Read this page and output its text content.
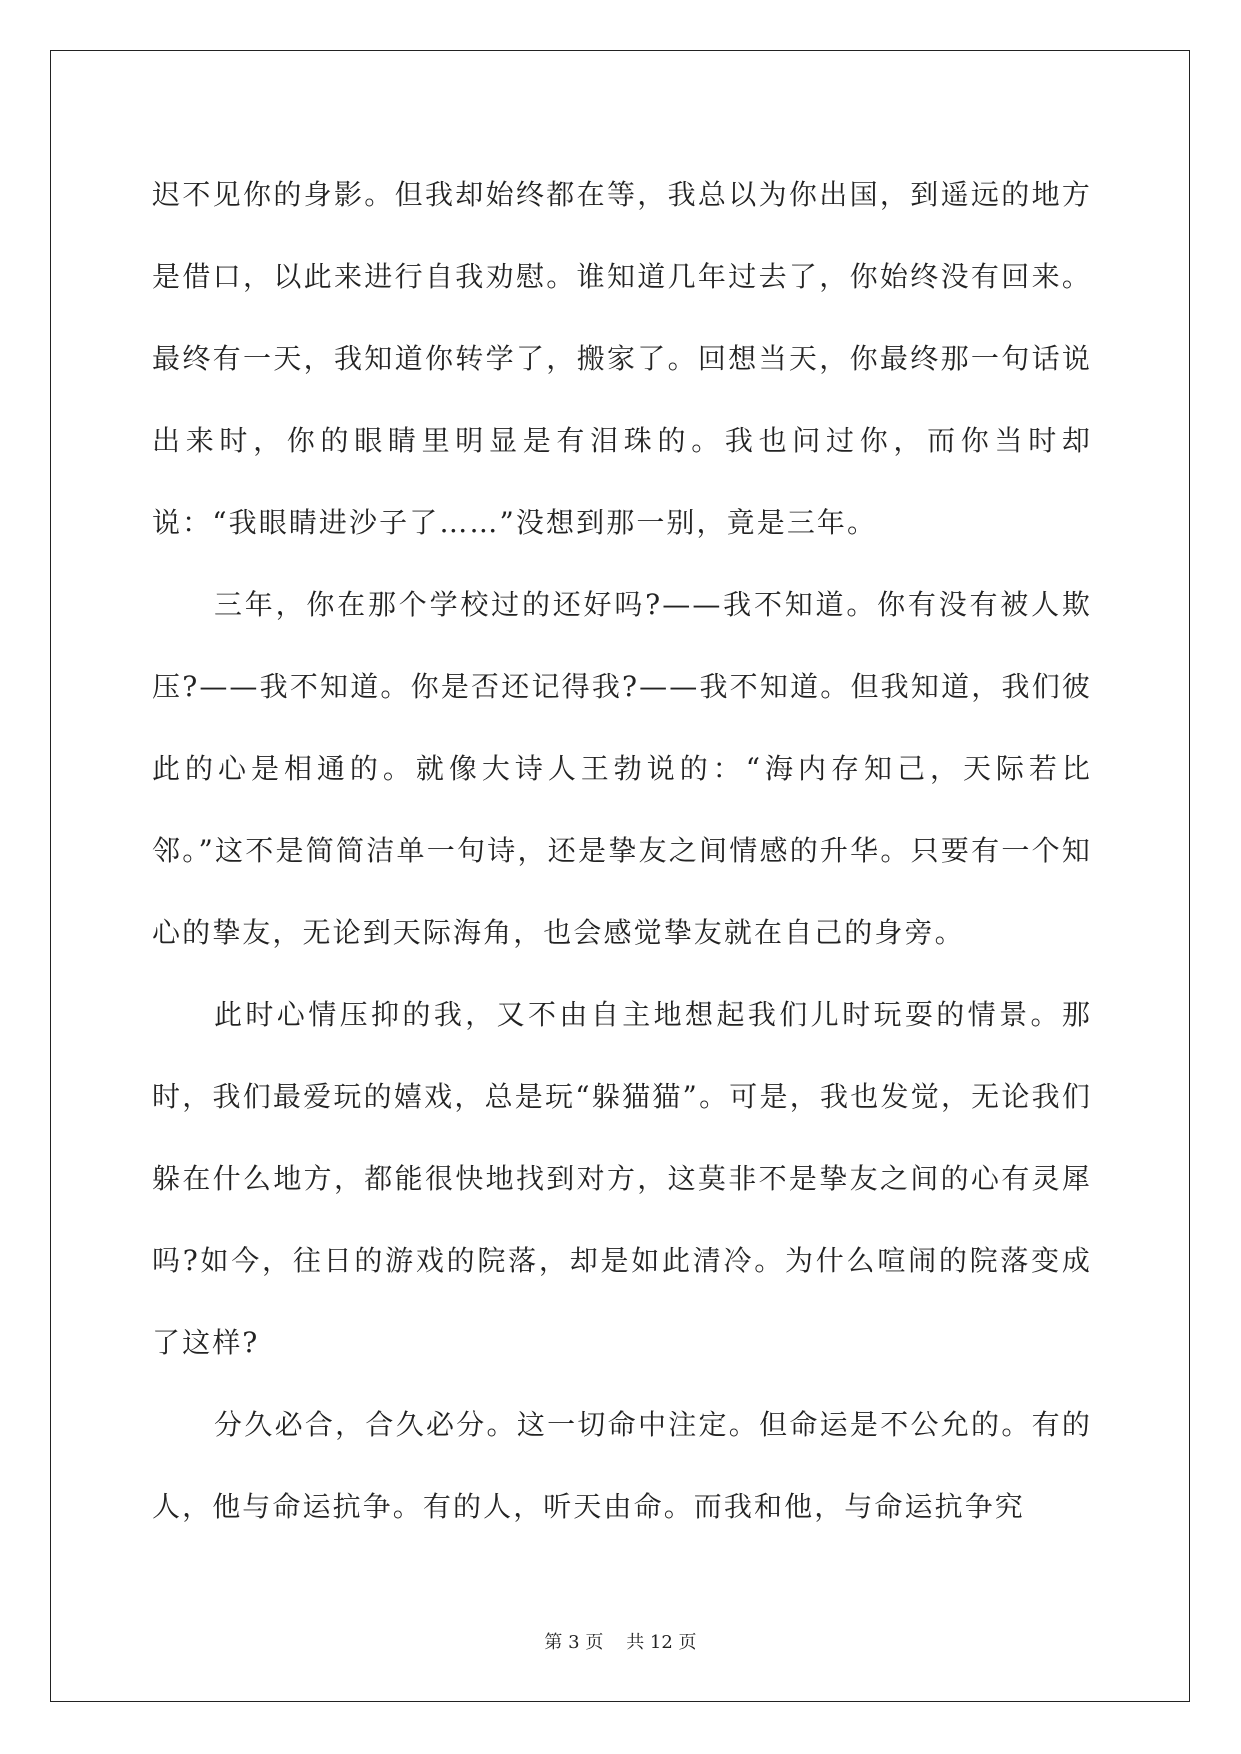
迟不见你的身影。但我却始终都在等，我总以为你出国，到遥远的地方是借口，以此来进行自我劝慰。谁知道几年过去了，你始终没有回来。最终有一天，我知道你转学了，搬家了。回想当天，你最终那一句话说出来时，你的眼睛里明显是有泪珠的。我也问过你，而你当时却说：“我眼睛进沙子了……”没想到那一别，竟是三年。

三年，你在那个学校过的还好吗?——我不知道。你有没有被人欺压?——我不知道。你是否还记得我?——我不知道。但我知道，我们彼此的心是相通的。就像大诗人王勃说的：“海内存知己，天际若比邻。”这不是简简洁单一句诗，还是挚友之间情感的升华。只要有一个知心的挚友，无论到天际海角，也会感觉挚友就在自己的身旁。

此时心情压抑的我，又不由自主地想起我们儿时玩耍的情景。那时，我们最爱玩的嬉戏，总是玩“躲猫猫”。可是，我也发觉，无论我们躲在什么地方，都能很快地找到对方，这莫非不是挚友之间的心有灵犀吗?如今，往日的游戏的院落，却是如此清冷。为什么喧闹的院落变成了这样?

分久必合，合久必分。这一切命中注定。但命运是不公允的。有的人，他与命运抗争。有的人，听天由命。而我和他，与命运抗争究

第 3 页    共 12 页
